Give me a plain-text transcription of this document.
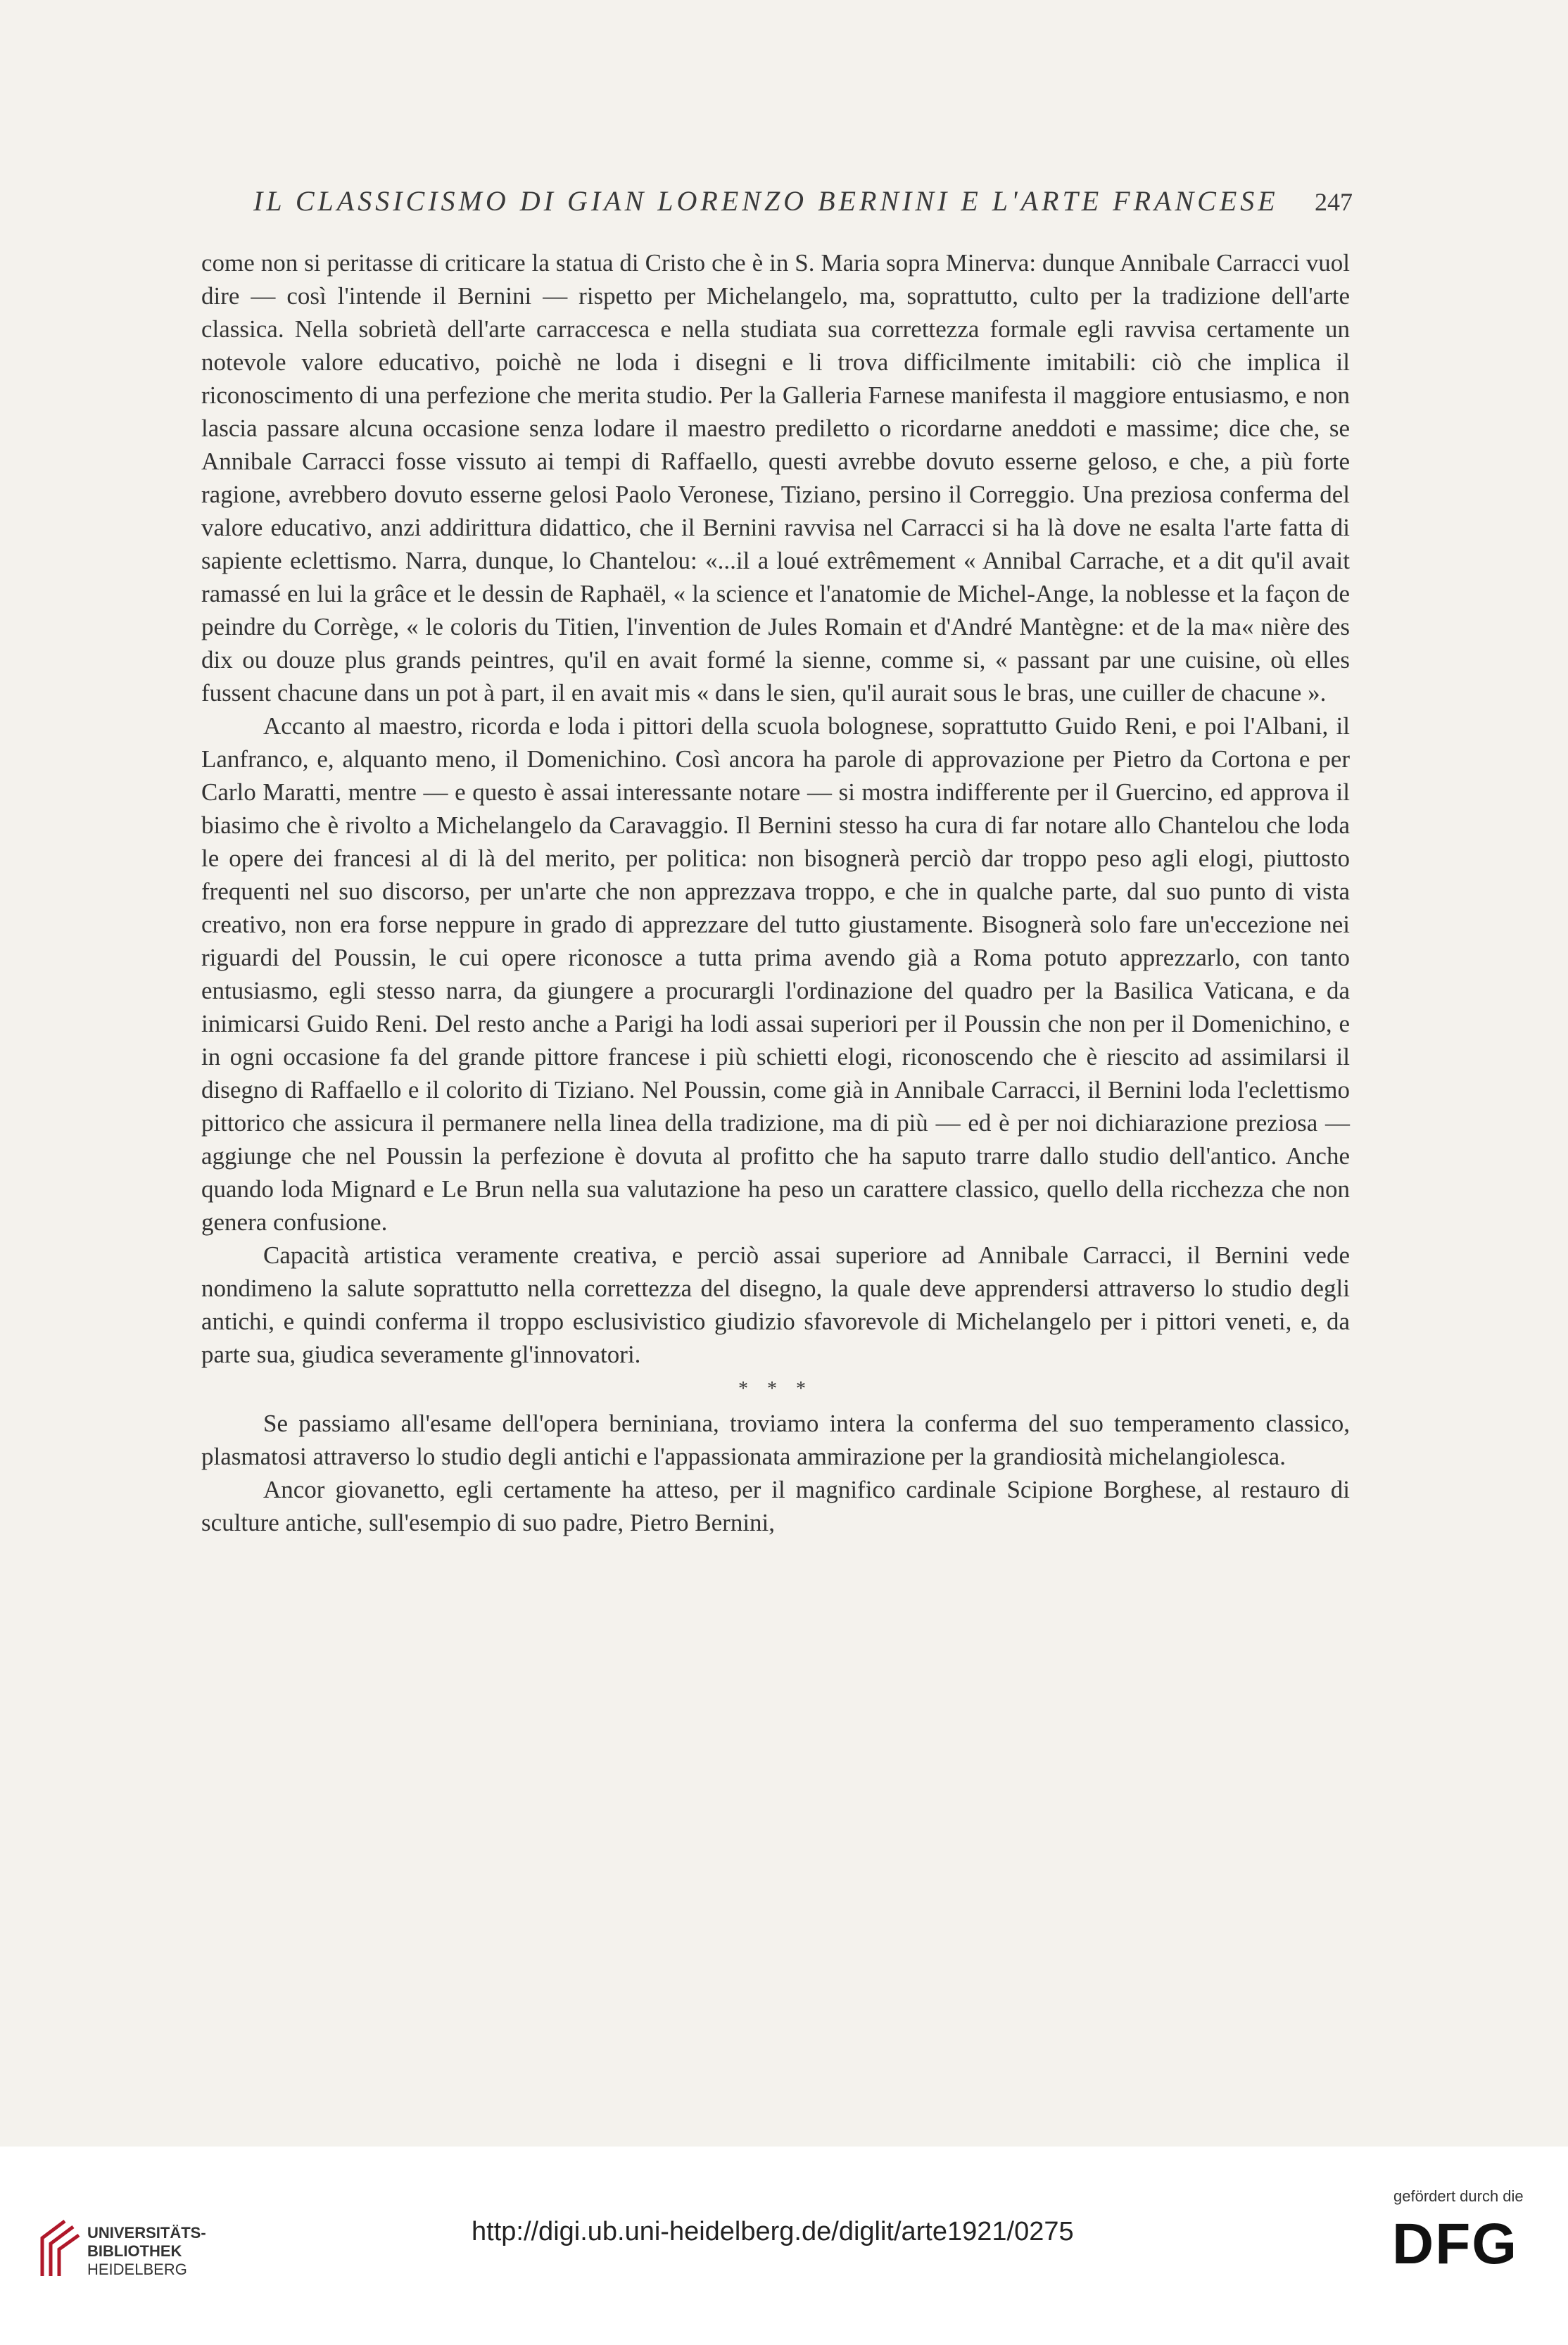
IL CLASSICISMO DI GIAN LORENZO BERNINI E L'ARTE FRANCESE	247

come non si peritasse di criticare la statua di Cristo che è in S. Maria sopra Minerva: dunque Annibale Carracci vuol dire — così l'intende il Bernini — rispetto per Michelangelo, ma, soprattutto, culto per la tradizione dell'arte classica. Nella sobrietà dell'arte carraccesca e nella studiata sua correttezza formale egli ravvisa certamente un notevole valore educativo, poichè ne loda i disegni e li trova difficilmente imitabili: ciò che implica il riconoscimento di una perfezione che merita studio. Per la Galleria Farnese manifesta il maggiore entusiasmo, e non lascia passare alcuna occasione senza lodare il maestro prediletto o ricordarne aneddoti e massime; dice che, se Annibale Carracci fosse vissuto ai tempi di Raffaello, questi avrebbe dovuto esserne geloso, e che, a più forte ragione, avrebbero dovuto esserne gelosi Paolo Veronese, Tiziano, persino il Correggio. Una preziosa conferma del valore educativo, anzi addirittura didattico, che il Bernini ravvisa nel Carracci si ha là dove ne esalta l'arte fatta di sapiente eclettismo. Narra, dunque, lo Chantelou: «...il a loué extrêmement « Annibal Carrache, et a dit qu'il avait ramassé en lui la grâce et le dessin de Raphaël, « la science et l'anatomie de Michel-Ange, la noblesse et la façon de peindre du Corrège, « le coloris du Titien, l'invention de Jules Romain et d'André Mantègne: et de la ma« nière des dix ou douze plus grands peintres, qu'il en avait formé la sienne, comme si, « passant par une cuisine, où elles fussent chacune dans un pot à part, il en avait mis « dans le sien, qu'il aurait sous le bras, une cuiller de chacune ».

Accanto al maestro, ricorda e loda i pittori della scuola bolognese, soprattutto Guido Reni, e poi l'Albani, il Lanfranco, e, alquanto meno, il Domenichino. Così ancora ha parole di approvazione per Pietro da Cortona e per Carlo Maratti, mentre — e questo è assai interessante notare — si mostra indifferente per il Guercino, ed approva il biasimo che è rivolto a Michelangelo da Caravaggio. Il Bernini stesso ha cura di far notare allo Chantelou che loda le opere dei francesi al di là del merito, per politica: non bisognerà perciò dar troppo peso agli elogi, piuttosto frequenti nel suo discorso, per un'arte che non apprezzava troppo, e che in qualche parte, dal suo punto di vista creativo, non era forse neppure in grado di apprezzare del tutto giustamente. Bisognerà solo fare un'eccezione nei riguardi del Poussin, le cui opere riconosce a tutta prima avendo già a Roma potuto apprezzarlo, con tanto entusiasmo, egli stesso narra, da giungere a procurargli l'ordinazione del quadro per la Basilica Vaticana, e da inimicarsi Guido Reni. Del resto anche a Parigi ha lodi assai superiori per il Poussin che non per il Domenichino, e in ogni occasione fa del grande pittore francese i più schietti elogi, riconoscendo che è riescito ad assimilarsi il disegno di Raffaello e il colorito di Tiziano. Nel Poussin, come già in Annibale Carracci, il Bernini loda l'eclettismo pittorico che assicura il permanere nella linea della tradizione, ma di più — ed è per noi dichiarazione preziosa — aggiunge che nel Poussin la perfezione è dovuta al profitto che ha saputo trarre dallo studio dell'antico. Anche quando loda Mignard e Le Brun nella sua valutazione ha peso un carattere classico, quello della ricchezza che non genera confusione.

Capacità artistica veramente creativa, e perciò assai superiore ad Annibale Carracci, il Bernini vede nondimeno la salute soprattutto nella correttezza del disegno, la quale deve apprendersi attraverso lo studio degli antichi, e quindi conferma il troppo esclusivistico giudizio sfavorevole di Michelangelo per i pittori veneti, e, da parte sua, giudica severamente gl'innovatori.

* * *

Se passiamo all'esame dell'opera berniniana, troviamo intera la conferma del suo temperamento classico, plasmatosi attraverso lo studio degli antichi e l'appassionata ammirazione per la grandiosità michelangiolesca.

Ancor giovanetto, egli certamente ha atteso, per il magnifico cardinale Scipione Borghese, al restauro di sculture antiche, sull'esempio di suo padre, Pietro Bernini,

UNIVERSITÄTS-
BIBLIOTHEK
HEIDELBERG
http://digi.ub.uni-heidelberg.de/diglit/arte1921/0275
gefördert durch die
DFG
